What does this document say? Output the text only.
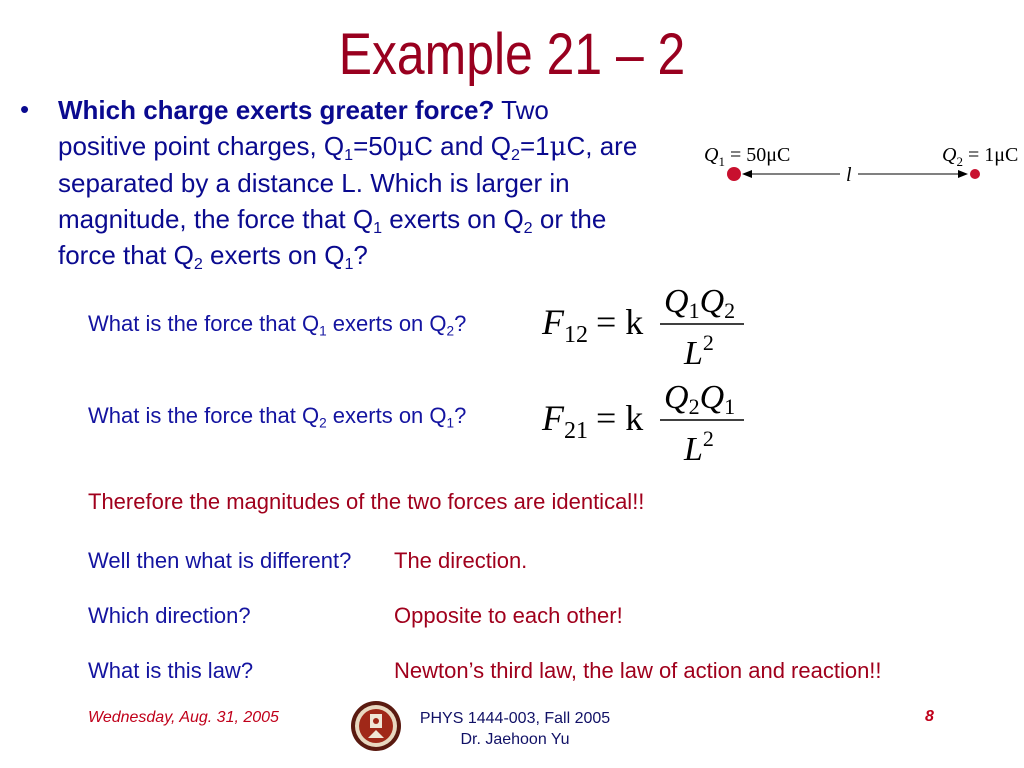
Example 21 – 2
• Which charge exerts greater force? Two
positive point charges, $Q_1=50\mu C$ and $Q_2=1\mu C$, are
separated by a distance L. Which is larger in
magnitude, the force that $Q_1$ exerts on $Q_2$ or the
force that $Q_2$ exerts on $Q_1$?
$Q_1 = 50\mu C$	$Q_2 = 1\mu C$
l
What is the force that $Q_1$ exerts on $Q_2$? $F_{12} = k$
Q1Q2
$L^2$
What is the force that $Q_2$ exerts on $Q_1$? $F_{21} = k$
Q2Q1
$L^2$
Therefore the magnitudes of the two forces are identical!!
Well then what is different? The direction.
Which direction?	Opposite to each other!
What is this law?	Newton’s third law, the law of action and reaction!!
Wednesday, Aug. 31, 2005	PHYS 1444-003, Fall 2005
Dr. Jaehoon Yu
8
